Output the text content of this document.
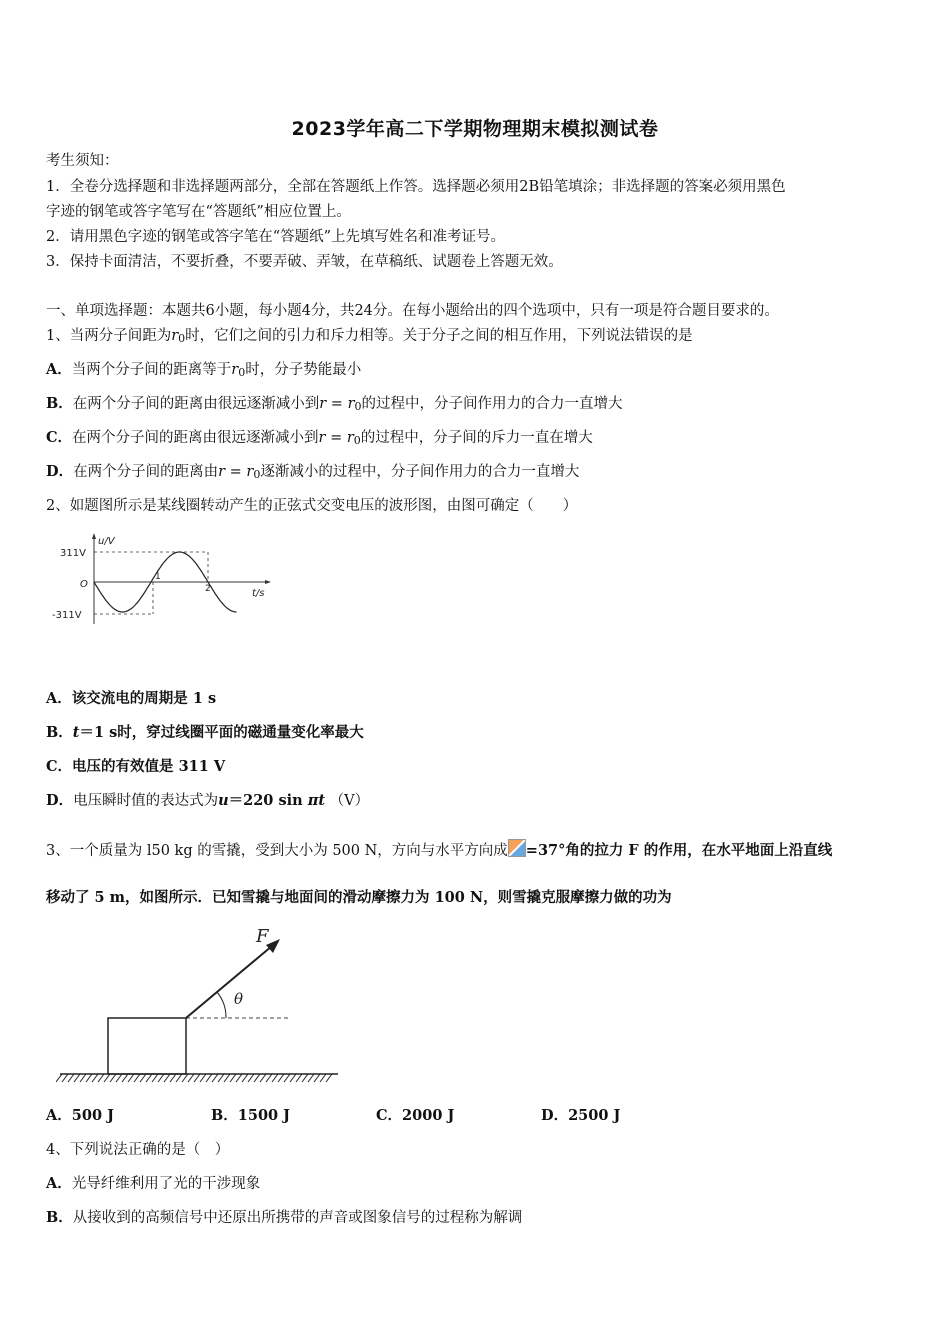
2023学年高二下学期物理期末模拟测试卷
考生须知：
1．全卷分选择题和非选择题两部分，全部在答题纸上作答。选择题必须用2B铅笔填涂；非选择题的答案必须用黑色
字迹的钢笔或答字笔写在“答题纸”相应位置上。
2．请用黑色字迹的钢笔或答字笔在“答题纸”上先填写姓名和准考证号。
3．保持卡面清洁，不要折叠，不要弄破、弄皱，在草稿纸、试题卷上答题无效。
一、单项选择题：本题共6小题，每小题4分，共24分。在每小题给出的四个选项中，只有一项是符合题目要求的。
1、当两分子间距为r0时，它们之间的引力和斥力相等。关于分子之间的相互作用，下列说法错误的是
A．当两个分子间的距离等于r0时，分子势能最小
B．在两个分子间的距离由很远逐渐减小到r = r0的过程中，分子间作用力的合力一直增大
C．在两个分子间的距离由很远逐渐减小到r = r0的过程中，分子间的斥力一直在增大
D．在两个分子间的距离由r = r0逐渐减小的过程中，分子间作用力的合力一直增大
2、如题图所示是某线圈转动产生的正弦式交变电压的波形图，由图可确定（　　）
u/V
t/s
311V
-311V
O
1
2
A．该交流电的周期是 1 s
B．t＝1 s时，穿过线圈平面的磁通量变化率最大
C．电压的有效值是 311 V
D．电压瞬时值的表达式为u＝220 sin πt （V）
3、一个质量为 l50 kg 的雪撬，受到大小为 500 N，方向与水平方向成 =37°角的拉力 F 的作用，在水平地面上沿直线
移动了 5 m，如图所示．已知雪撬与地面间的滑动摩擦力为 100 N，则雪撬克服摩擦力做的功为
F
θ
A．500 J	B．1500 J	C．2000 J	D．2500 J
4、下列说法正确的是（　）
A．光导纤维利用了光的干涉现象
B．从接收到的高频信号中还原出所携带的声音或图象信号的过程称为解调
